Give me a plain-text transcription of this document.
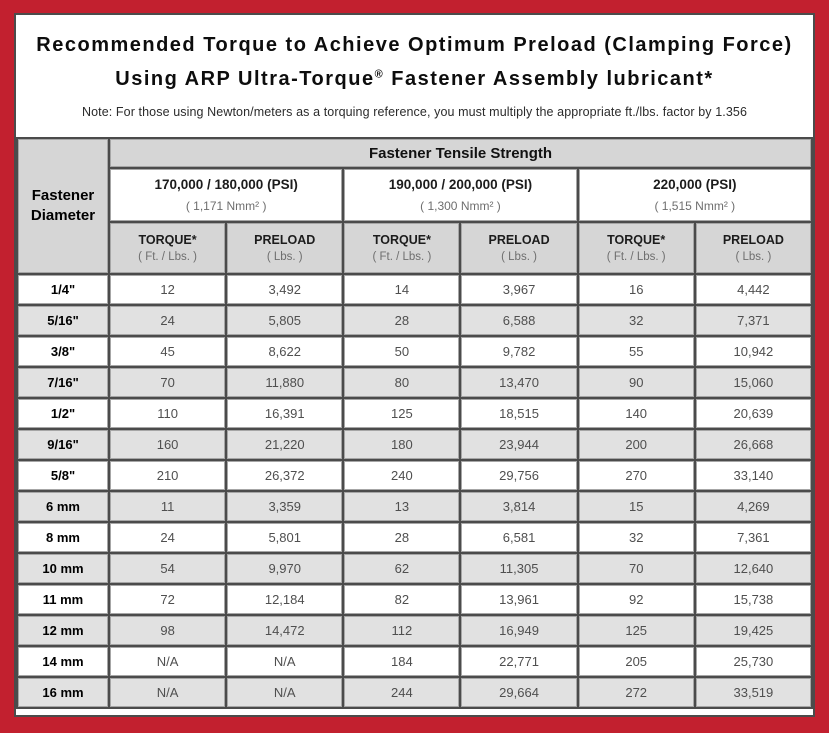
Recommended Torque to Achieve Optimum Preload (Clamping Force)
Using ARP Ultra-Torque® Fastener Assembly lubricant*

Note: For those using Newton/meters as a torquing reference, you must multiply the appropriate ft./lbs. factor by 1.356

Fastener
Diameter	Fastener Tensile Strength					

	170,000 / 180,000 (PSI)
( 1,171 Nmm² )		190,000 / 200,000 (PSI)
( 1,300 Nmm² )		220,000 (PSI)
( 1,515 Nmm² )	

	TORQUE*
( Ft. / Lbs. )	PRELOAD
( Lbs. )	TORQUE*
( Ft. / Lbs. )	PRELOAD
( Lbs. )	TORQUE*
( Ft. / Lbs. )	PRELOAD
( Lbs. )

1/4"	12	3,492	14	3,967	16	4,442
5/16"	24	5,805	28	6,588	32	7,371
3/8"	45	8,622	50	9,782	55	10,942
7/16"	70	11,880	80	13,470	90	15,060
1/2"	110	16,391	125	18,515	140	20,639
9/16"	160	21,220	180	23,944	200	26,668
5/8"	210	26,372	240	29,756	270	33,140
6 mm	11	3,359	13	3,814	15	4,269
8 mm	24	5,801	28	6,581	32	7,361
10 mm	54	9,970	62	11,305	70	12,640
11 mm	72	12,184	82	13,961	92	15,738
12 mm	98	14,472	112	16,949	125	19,425
14 mm	N/A	N/A	184	22,771	205	25,730
16 mm	N/A	N/A	244	29,664	272	33,519
